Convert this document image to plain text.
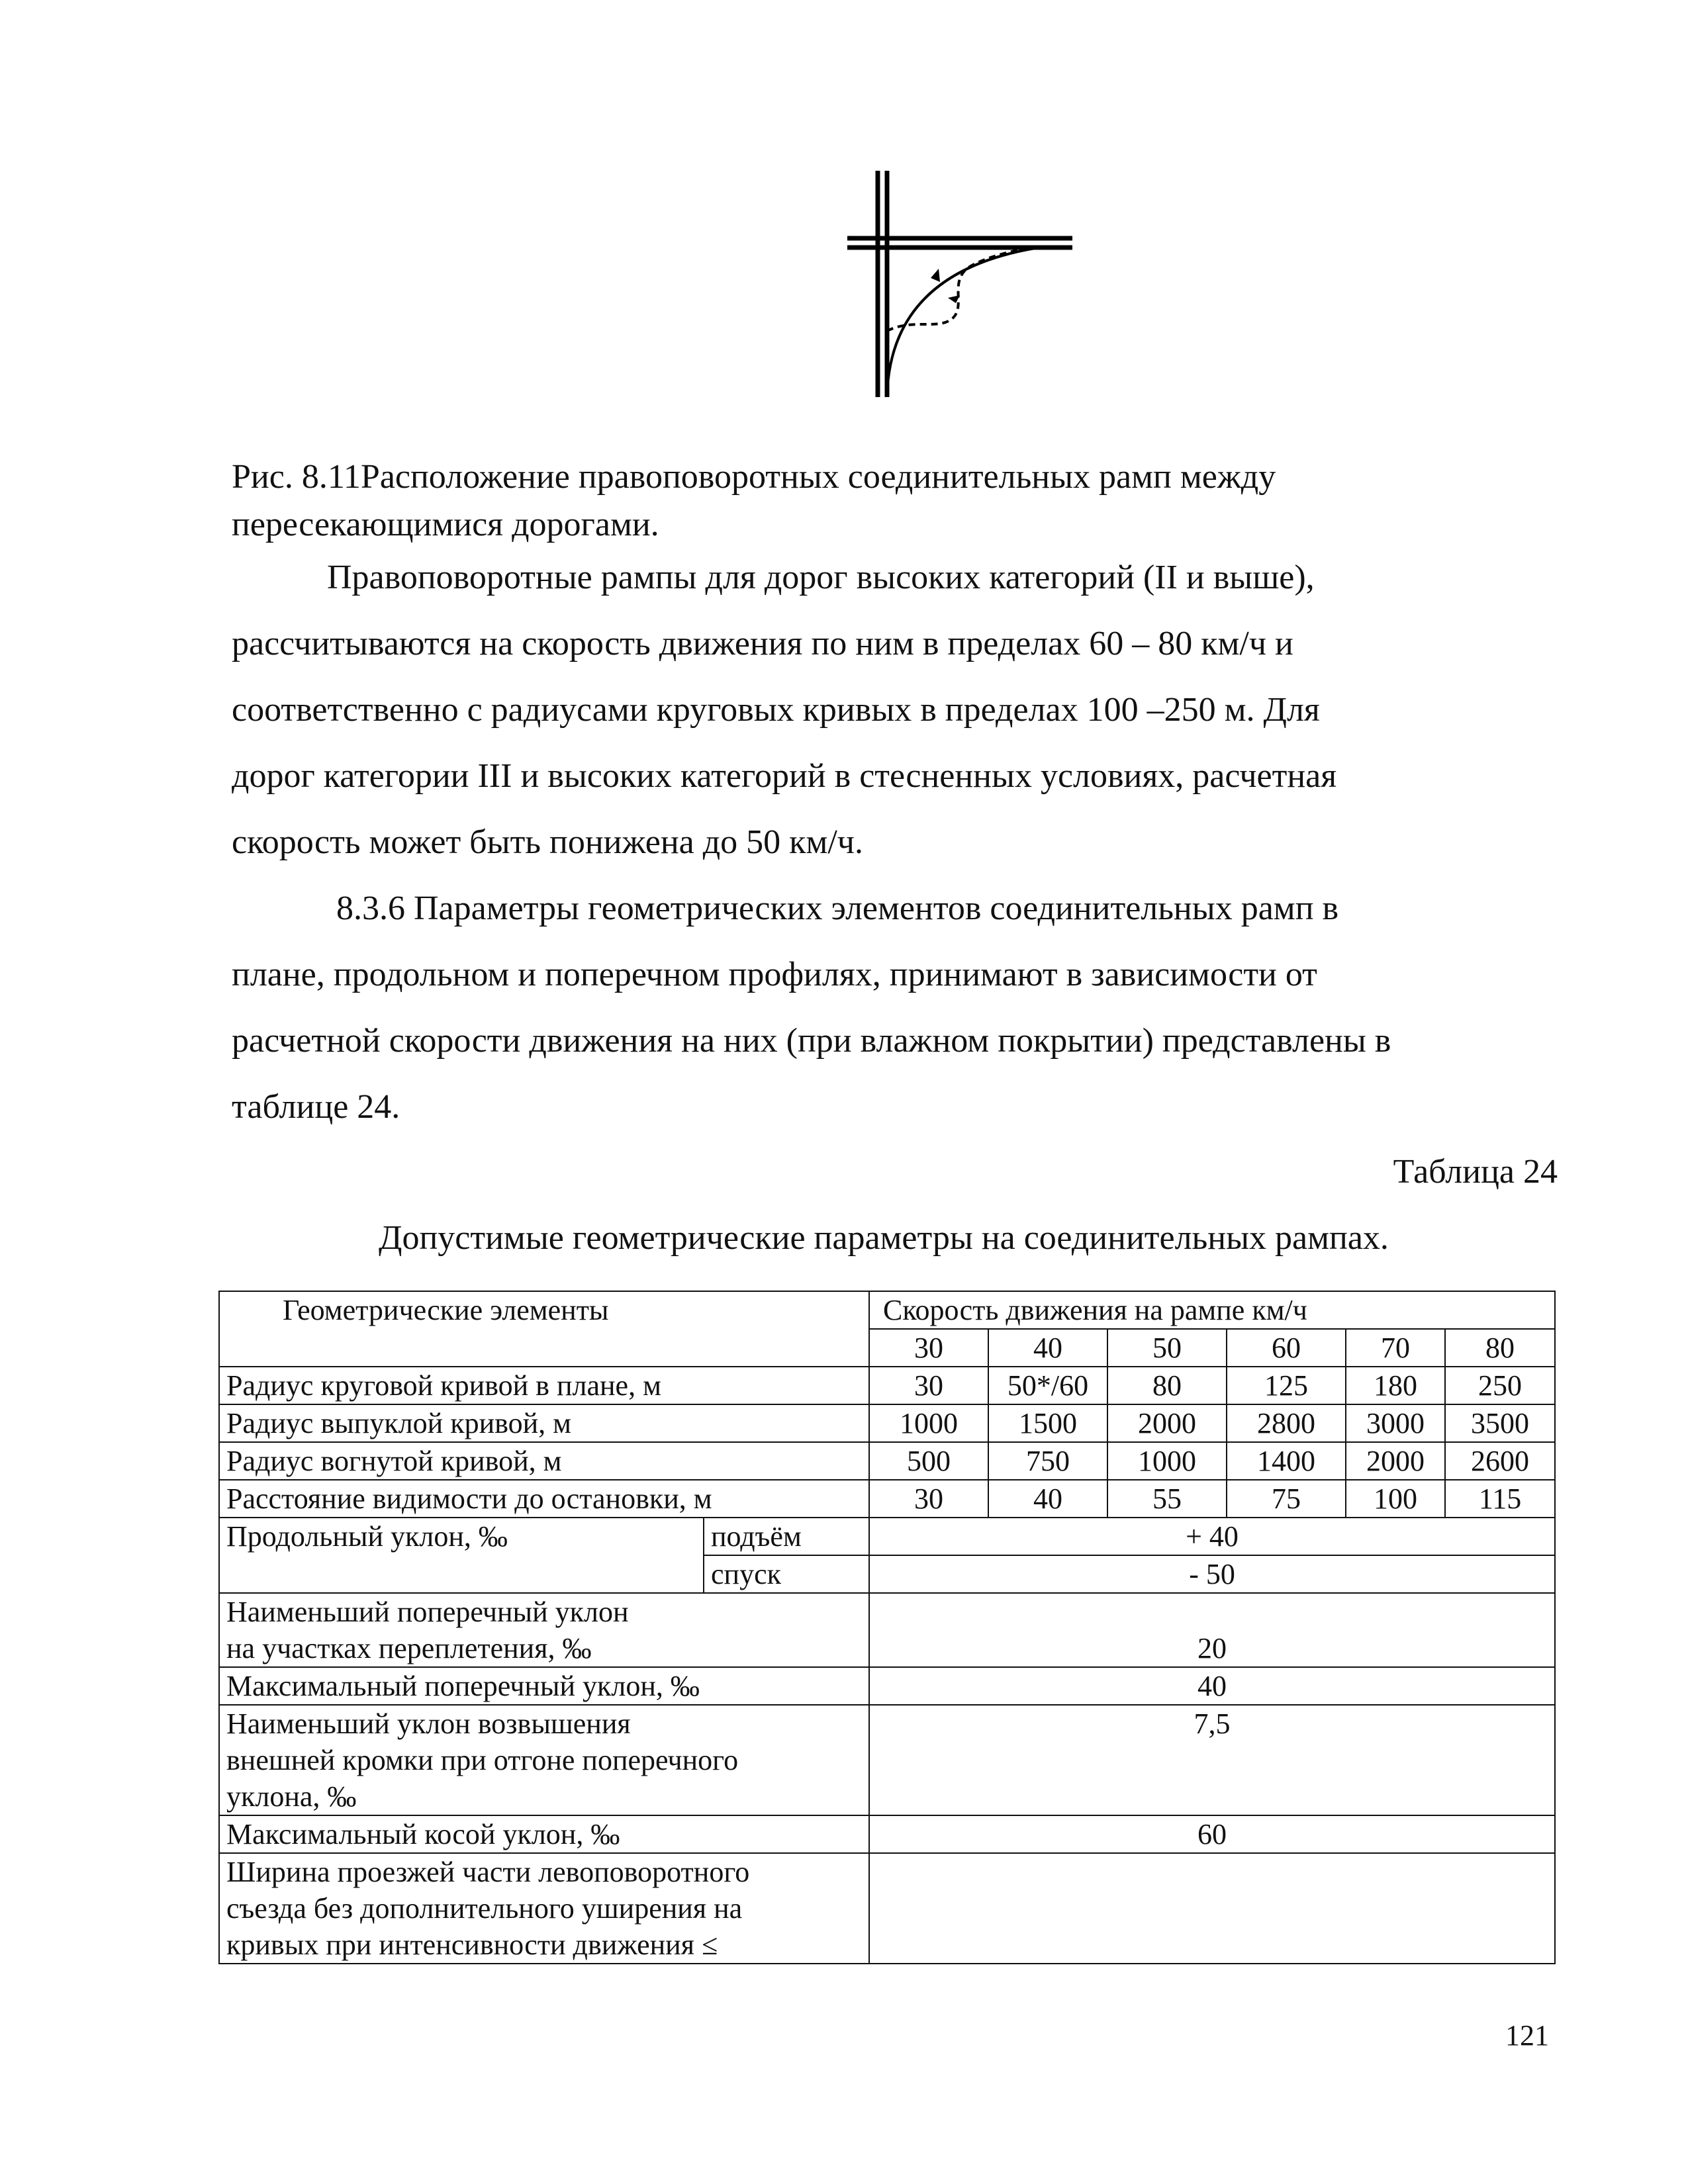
Рис. 8.11Расположение правоповоротных соединительных рамп между
пересекающимися дорогами.
Правоповоротные рампы для дорог высоких категорий (II и выше),
рассчитываются на скорость движения по ним в пределах 60 – 80 км/ч и
соответственно с радиусами круговых кривых в пределах 100 –250 м. Для
дорог категории III и высоких категорий в стесненных условиях, расчетная
скорость может быть понижена до 50 км/ч.
8.3.6 Параметры геометрических элементов соединительных рамп в
плане, продольном и поперечном профилях, принимают в зависимости от
расчетной скорости движения на них (при влажном покрытии) представлены в
таблице 24.
Таблица 24
Допустимые геометрические параметры на соединительных рампах.
Геометрические элементы		Скорость движения на рампе км/ч					
		30	40	50	60	70	80
Радиус круговой кривой в плане, м		30	50*/60	80	125	180	250
Радиус выпуклой кривой, м		1000	1500	2000	2800	3000	3500
Радиус вогнутой кривой, м		500	750	1000	1400	2000	2600
Расстояние видимости до остановки, м		30	40	55	75	100	115
Продольный уклон, ‰	подъём	+ 40					
	спуск	- 50					

Наименьший поперечный уклон
на участках переплетения, ‰		20					
Максимальный поперечный уклон, ‰		40					

Наименьший уклон возвышения
внешней кромки при отгоне поперечного
уклона, ‰		7,5					
Максимальный косой уклон, ‰		60					

Ширина проезжей части левоповоротного
съезда без дополнительного уширения на
кривых при интенсивности движения ≤							

121
